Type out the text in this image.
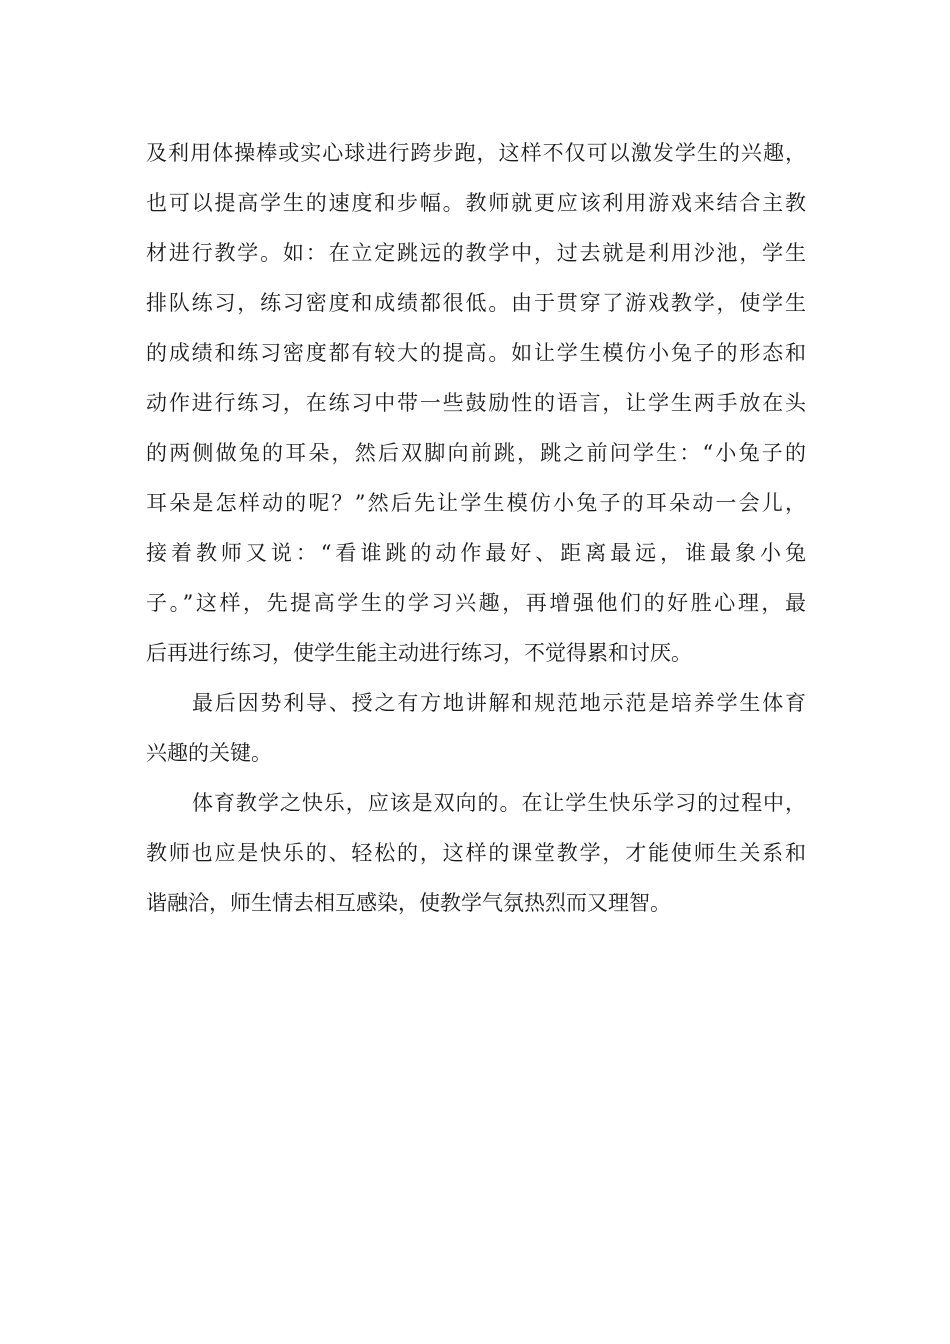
及利用体操棒或实心球进行跨步跑，这样不仅可以激发学生的兴趣，
也可以提高学生的速度和步幅。教师就更应该利用游戏来结合主教
材进行教学。如：在立定跳远的教学中，过去就是利用沙池，学生
排队练习，练习密度和成绩都很低。由于贯穿了游戏教学，使学生
的成绩和练习密度都有较大的提高。如让学生模仿小兔子的形态和
动作进行练习，在练习中带一些鼓励性的语言，让学生两手放在头
的两侧做兔的耳朵，然后双脚向前跳，跳之前问学生：“小兔子的
耳朵是怎样动的呢？”然后先让学生模仿小兔子的耳朵动一会儿，
接着教师又说：“看谁跳的动作最好、距离最远，谁最象小兔
子。”这样，先提高学生的学习兴趣，再增强他们的好胜心理，最
后再进行练习，使学生能主动进行练习，不觉得累和讨厌。
最后因势利导、授之有方地讲解和规范地示范是培养学生体育
兴趣的关键。
体育教学之快乐，应该是双向的。在让学生快乐学习的过程中，
教师也应是快乐的、轻松的，这样的课堂教学，才能使师生关系和
谐融洽，师生情去相互感染，使教学气氛热烈而又理智。
